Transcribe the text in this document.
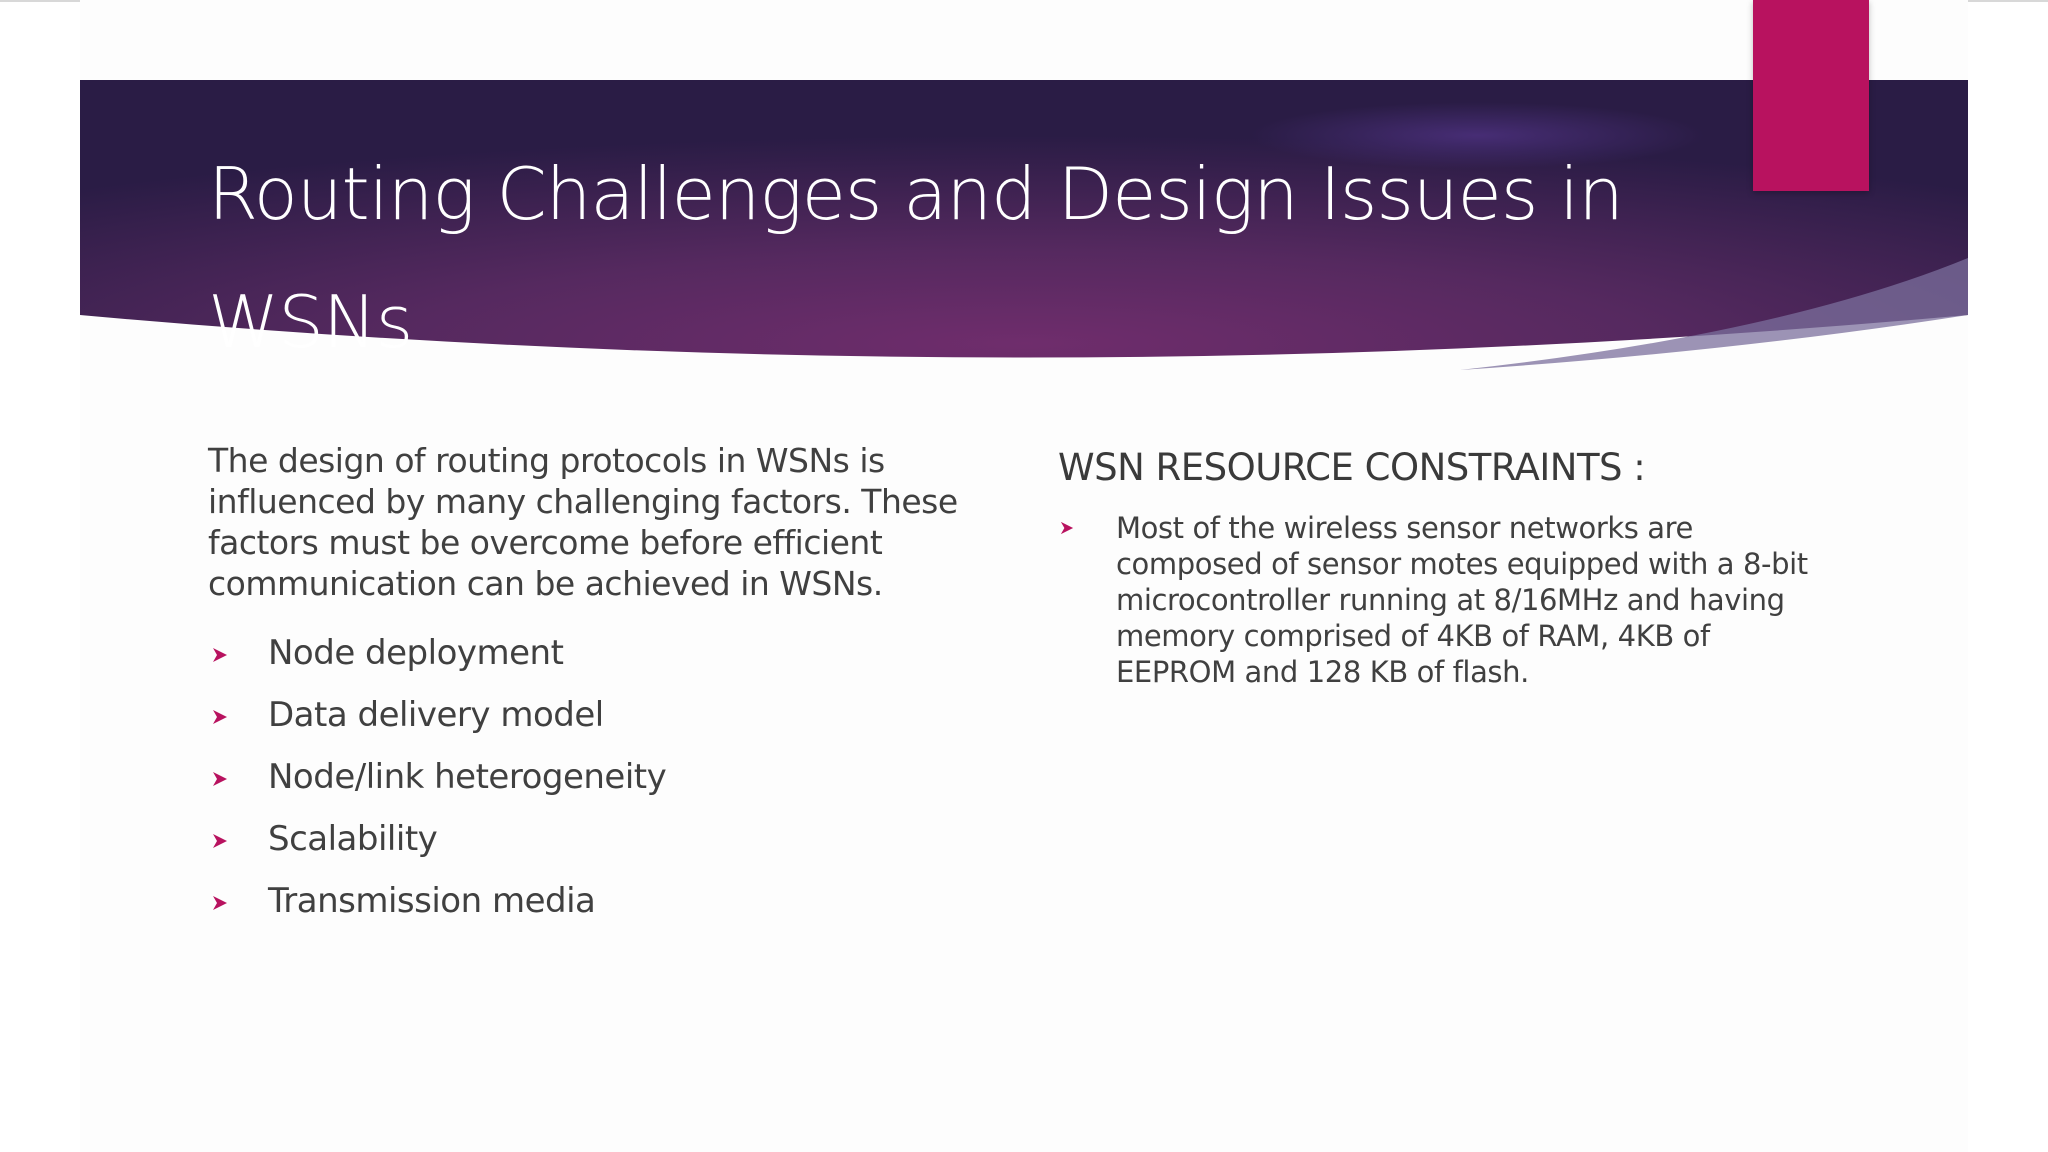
Routing Challenges and Design Issues in WSNs

The design of routing protocols in WSNs is influenced by many challenging factors. These factors must be overcome before efficient communication can be achieved in WSNs.

Node deployment
Data delivery model
Node/link heterogeneity
Scalability
Transmission media
WSN RESOURCE CONSTRAINTS :
Most of the wireless sensor networks are composed of sensor motes equipped with a 8-bit microcontroller running at 8/16MHz and having memory comprised of 4KB of RAM, 4KB of EEPROM and 128 KB of flash.
